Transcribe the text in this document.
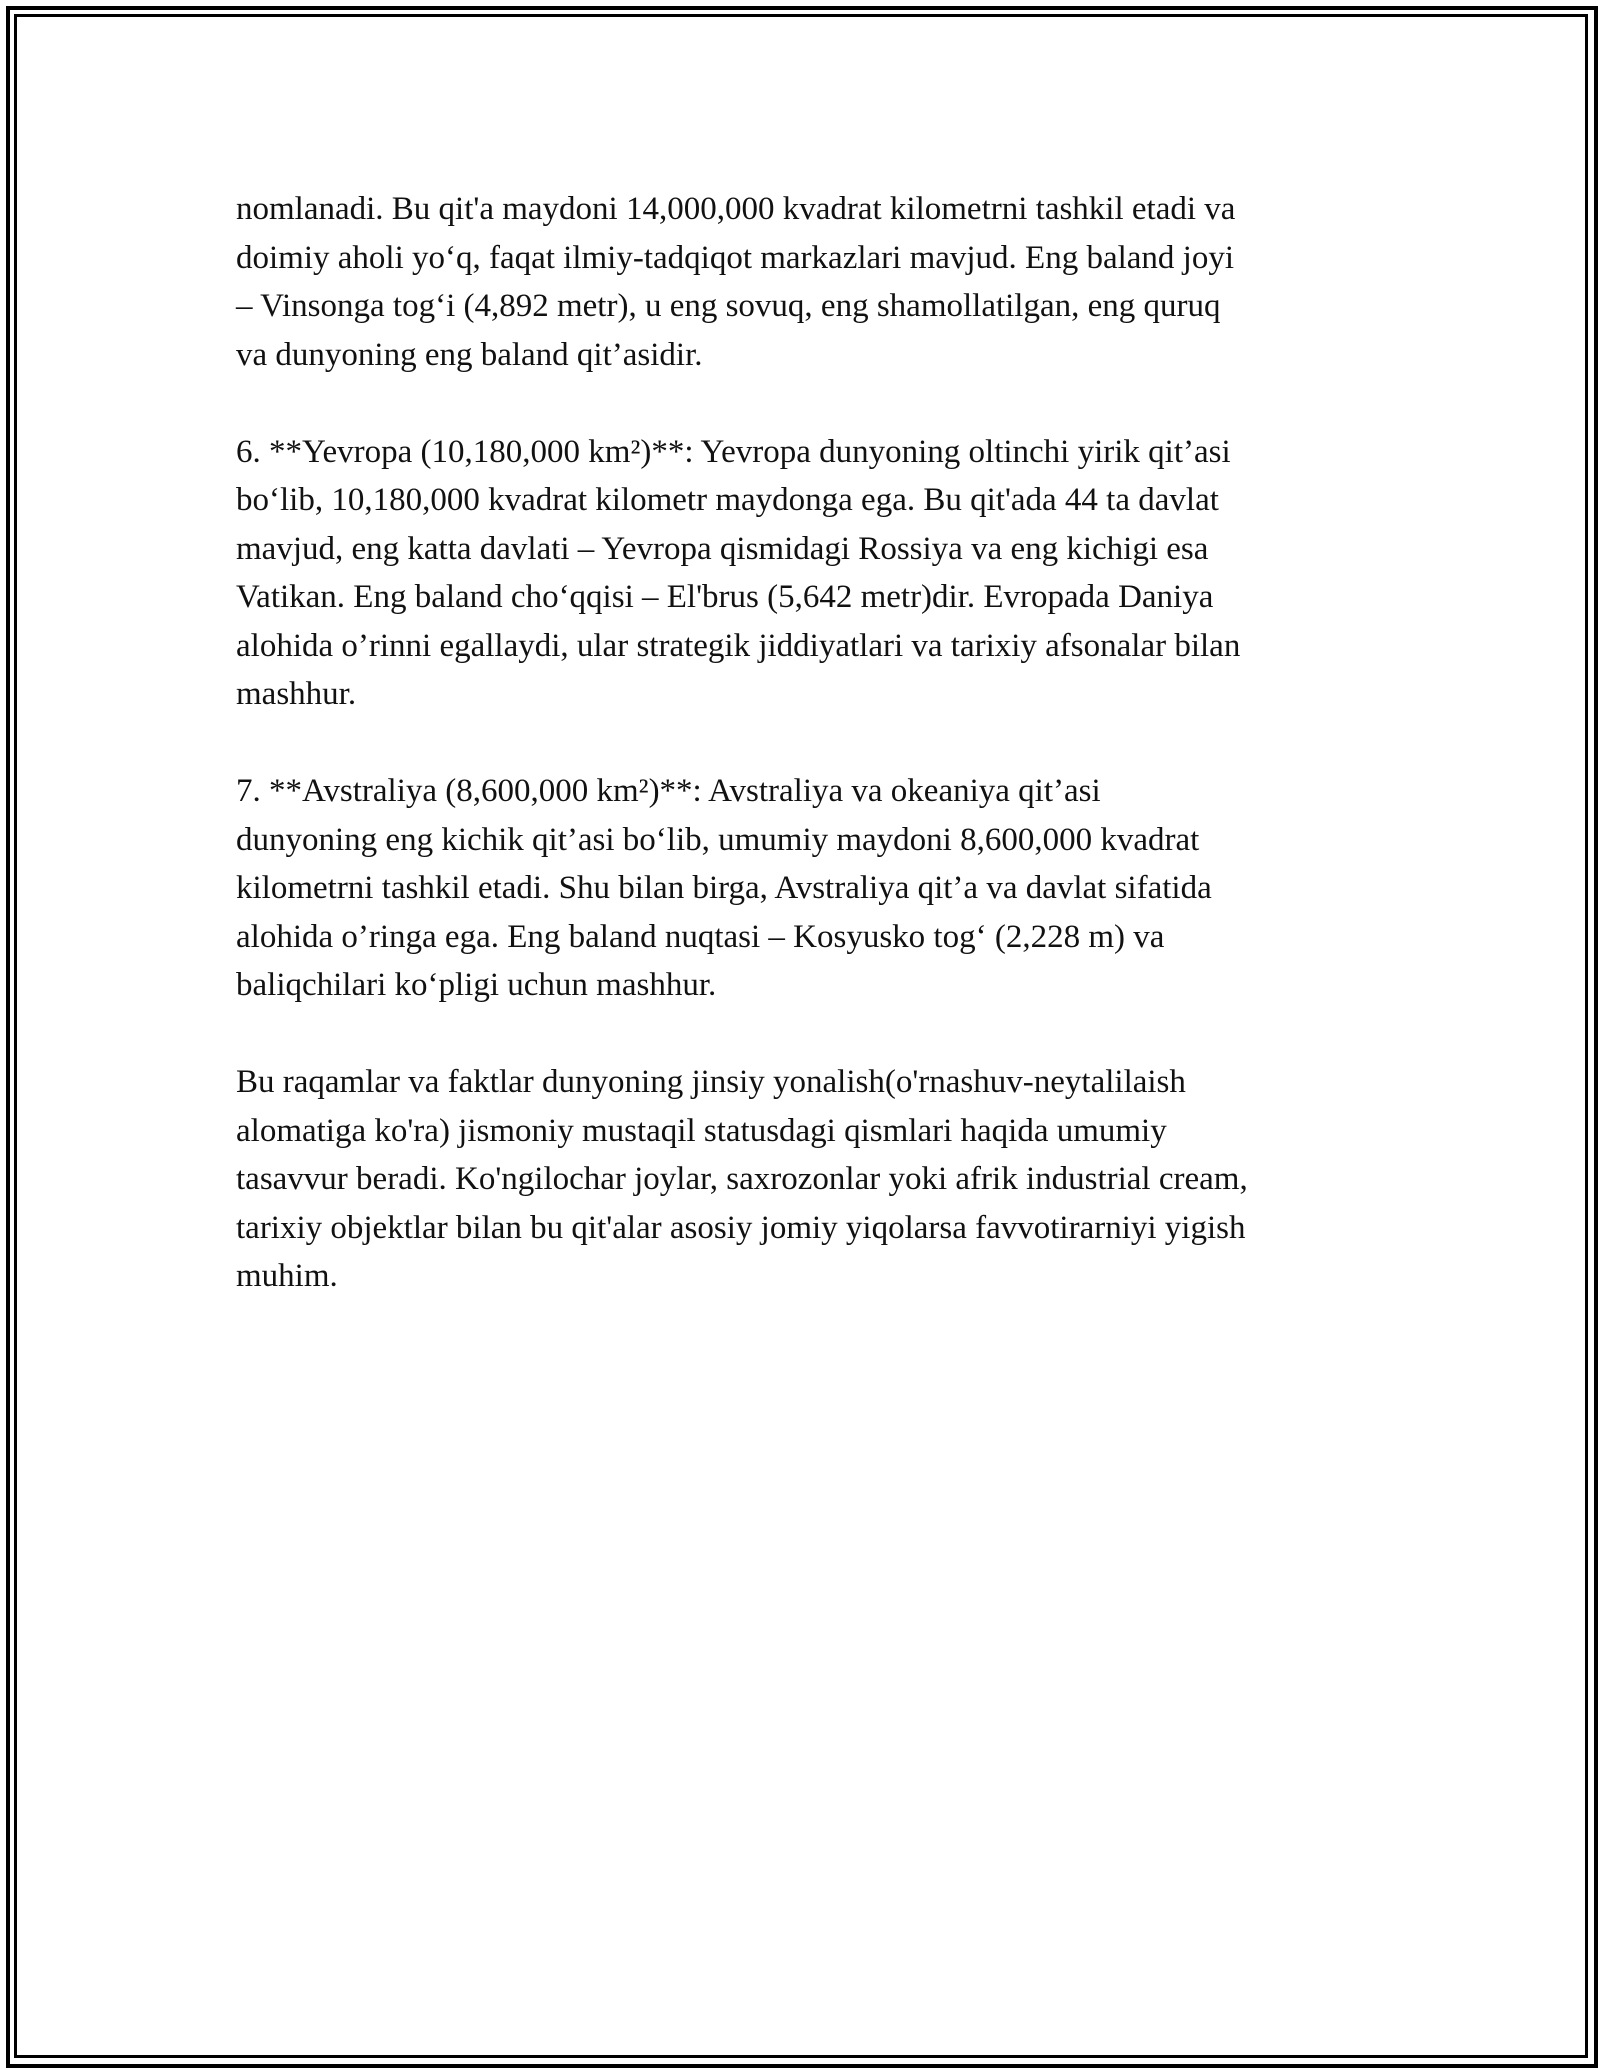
nomlanadi. Bu qit'a maydoni 14,000,000 kvadrat kilometrni tashkil etadi va
doimiy aholi yo‘q, faqat ilmiy-tadqiqot markazlari mavjud. Eng baland joyi
– Vinsonga tog‘i (4,892 metr), u eng sovuq, eng shamollatilgan, eng quruq
va dunyoning eng baland qit’asidir.

6. **Yevropa (10,180,000 km²)**: Yevropa dunyoning oltinchi yirik qit’asi
bo‘lib, 10,180,000 kvadrat kilometr maydonga ega. Bu qit'ada 44 ta davlat
mavjud, eng katta davlati – Yevropa qismidagi Rossiya va eng kichigi esa
Vatikan. Eng baland cho‘qqisi – El'brus (5,642 metr)dir. Evropada Daniya
alohida o’rinni egallaydi, ular strategik jiddiyatlari va tarixiy afsonalar bilan
mashhur.

7. **Avstraliya (8,600,000 km²)**: Avstraliya va okeaniya qit’asi
dunyoning eng kichik qit’asi bo‘lib, umumiy maydoni 8,600,000 kvadrat
kilometrni tashkil etadi. Shu bilan birga, Avstraliya qit’a va davlat sifatida
alohida o’ringa ega. Eng baland nuqtasi – Kosyusko tog‘ (2,228 m) va
baliqchilari ko‘pligi uchun mashhur.

Bu raqamlar va faktlar dunyoning jinsiy yonalish(o'rnashuv-neytalilaish
alomatiga ko'ra) jismoniy mustaqil statusdagi qismlari haqida umumiy
tasavvur beradi. Ko'ngilochar joylar, saxrozonlar yoki afrik industrial cream,
tarixiy objektlar bilan bu qit'alar asosiy jomiy yiqolarsa favvotirarniyi yigish
muhim.
